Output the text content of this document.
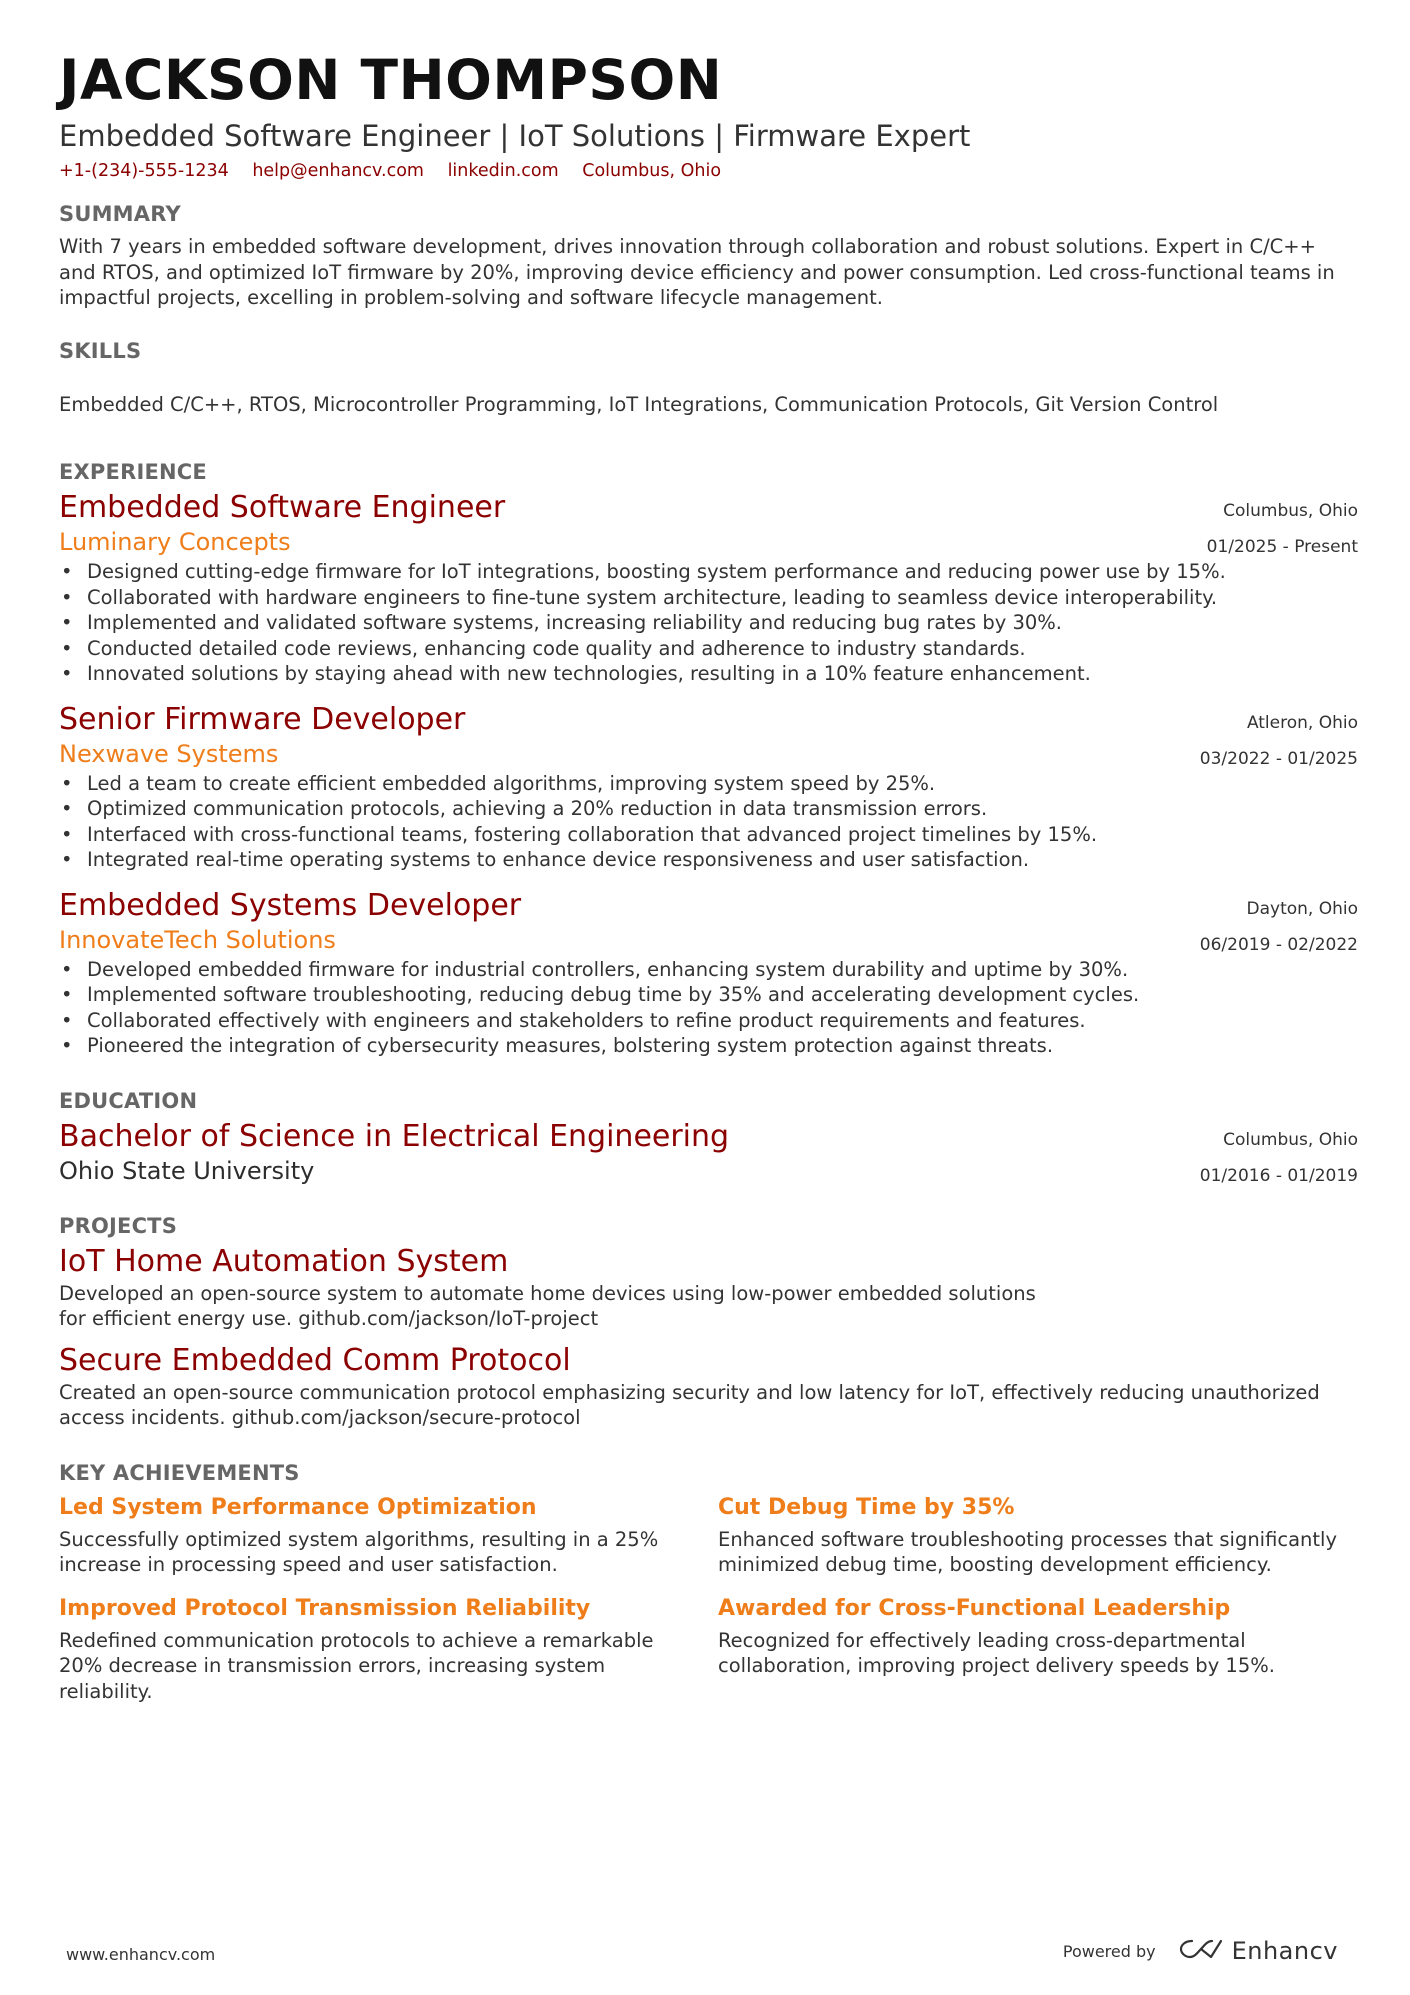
JACKSON THOMPSON
Embedded Software Engineer | IoT Solutions | Firmware Expert
+1-(234)-555-1234 help@enhancv.com linkedin.com Columbus, Ohio
SUMMARY
With 7 years in embedded software development, drives innovation through collaboration and robust solutions. Expert in C/C++ and RTOS, and optimized IoT firmware by 20%, improving device efficiency and power consumption. Led cross-functional teams in impactful projects, excelling in problem-solving and software lifecycle management.
SKILLS
Embedded C/C++, RTOS, Microcontroller Programming, IoT Integrations, Communication Protocols, Git Version Control
EXPERIENCE
Embedded Software Engineer
Luminary Concepts
Columbus, Ohio
01/2025 - Present
• Designed cutting-edge firmware for IoT integrations, boosting system performance and reducing power use by 15%.
• Collaborated with hardware engineers to fine-tune system architecture, leading to seamless device interoperability.
• Implemented and validated software systems, increasing reliability and reducing bug rates by 30%.
• Conducted detailed code reviews, enhancing code quality and adherence to industry standards.
• Innovated solutions by staying ahead with new technologies, resulting in a 10% feature enhancement.
Senior Firmware Developer
Nexwave Systems
Atleron, Ohio
03/2022 - 01/2025
• Led a team to create efficient embedded algorithms, improving system speed by 25%.
• Optimized communication protocols, achieving a 20% reduction in data transmission errors.
• Interfaced with cross-functional teams, fostering collaboration that advanced project timelines by 15%.
• Integrated real-time operating systems to enhance device responsiveness and user satisfaction.
Embedded Systems Developer
InnovateTech Solutions
Dayton, Ohio
06/2019 - 02/2022
• Developed embedded firmware for industrial controllers, enhancing system durability and uptime by 30%.
• Implemented software troubleshooting, reducing debug time by 35% and accelerating development cycles.
• Collaborated effectively with engineers and stakeholders to refine product requirements and features.
• Pioneered the integration of cybersecurity measures, bolstering system protection against threats.
EDUCATION
Bachelor of Science in Electrical Engineering
Ohio State University
Columbus, Ohio
01/2016 - 01/2019
PROJECTS
IoT Home Automation System
Developed an open-source system to automate home devices using low-power embedded solutions for efficient energy use. github.com/jackson/IoT-project
Secure Embedded Comm Protocol
Created an open-source communication protocol emphasizing security and low latency for IoT, effectively reducing unauthorized access incidents. github.com/jackson/secure-protocol
KEY ACHIEVEMENTS
Led System Performance Optimization
Successfully optimized system algorithms, resulting in a 25% increase in processing speed and user satisfaction.
Cut Debug Time by 35%
Enhanced software troubleshooting processes that significantly minimized debug time, boosting development efficiency.
Improved Protocol Transmission Reliability
Redefined communication protocols to achieve a remarkable 20% decrease in transmission errors, increasing system reliability.
Awarded for Cross-Functional Leadership
Recognized for effectively leading cross-departmental collaboration, improving project delivery speeds by 15%.
www.enhancv.com	Powered by	Enhancv
